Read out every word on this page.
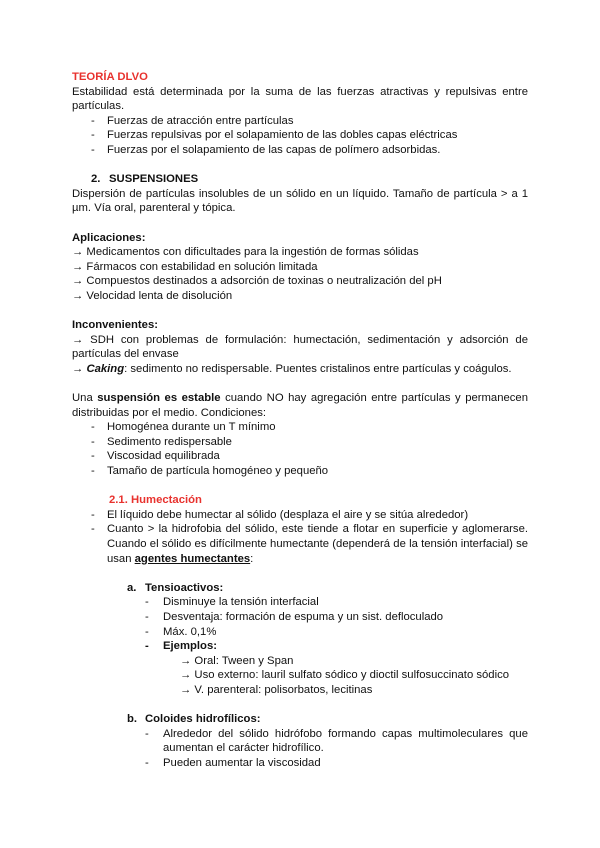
TEORÍA DLVO

Estabilidad está determinada por la suma de las fuerzas atractivas y repulsivas entre partículas.

- Fuerzas de atracción entre partículas

- Fuerzas repulsivas por el solapamiento de las dobles capas eléctricas

- Fuerzas por el solapamiento de las capas de polímero adsorbidas.

2. SUSPENSIONES

Dispersión de partículas insolubles de un sólido en un líquido. Tamaño de partícula > a 1 µm. Vía oral, parenteral y tópica.

Aplicaciones:

→ Medicamentos con dificultades para la ingestión de formas sólidas

→ Fármacos con estabilidad en solución limitada

→ Compuestos destinados a adsorción de toxinas o neutralización del pH

→ Velocidad lenta de disolución

Inconvenientes:

→ SDH con problemas de formulación: humectación, sedimentación y adsorción de partículas del envase

→ Caking: sedimento no redispersable. Puentes cristalinos entre partículas y coágulos.

Una suspensión es estable cuando NO hay agregación entre partículas y permanecen distribuidas por el medio. Condiciones:

- Homogénea durante un T mínimo

- Sedimento redispersable

- Viscosidad equilibrada

- Tamaño de partícula homogéneo y pequeño

2.1. Humectación

- El líquido debe humectar al sólido (desplaza el aire y se sitúa alrededor)

- Cuanto > la hidrofobia del sólido, este tiende a flotar en superficie y aglomerarse. Cuando el sólido es difícilmente humectante (dependerá de la tensión interfacial) se usan agentes humectantes:

a. Tensioactivos:

- Disminuye la tensión interfacial

- Desventaja: formación de espuma y un sist. defloculado

- Máx. 0,1%

- Ejemplos:

→ Oral: Tween y Span

→ Uso externo: lauril sulfato sódico y dioctil sulfosuccinato sódico

→ V. parenteral: polisorbatos, lecitinas

b. Coloides hidrofílicos:

- Alrededor del sólido hidrófobo formando capas multimoleculares que aumentan el carácter hidrofílico.

- Pueden aumentar la viscosidad
